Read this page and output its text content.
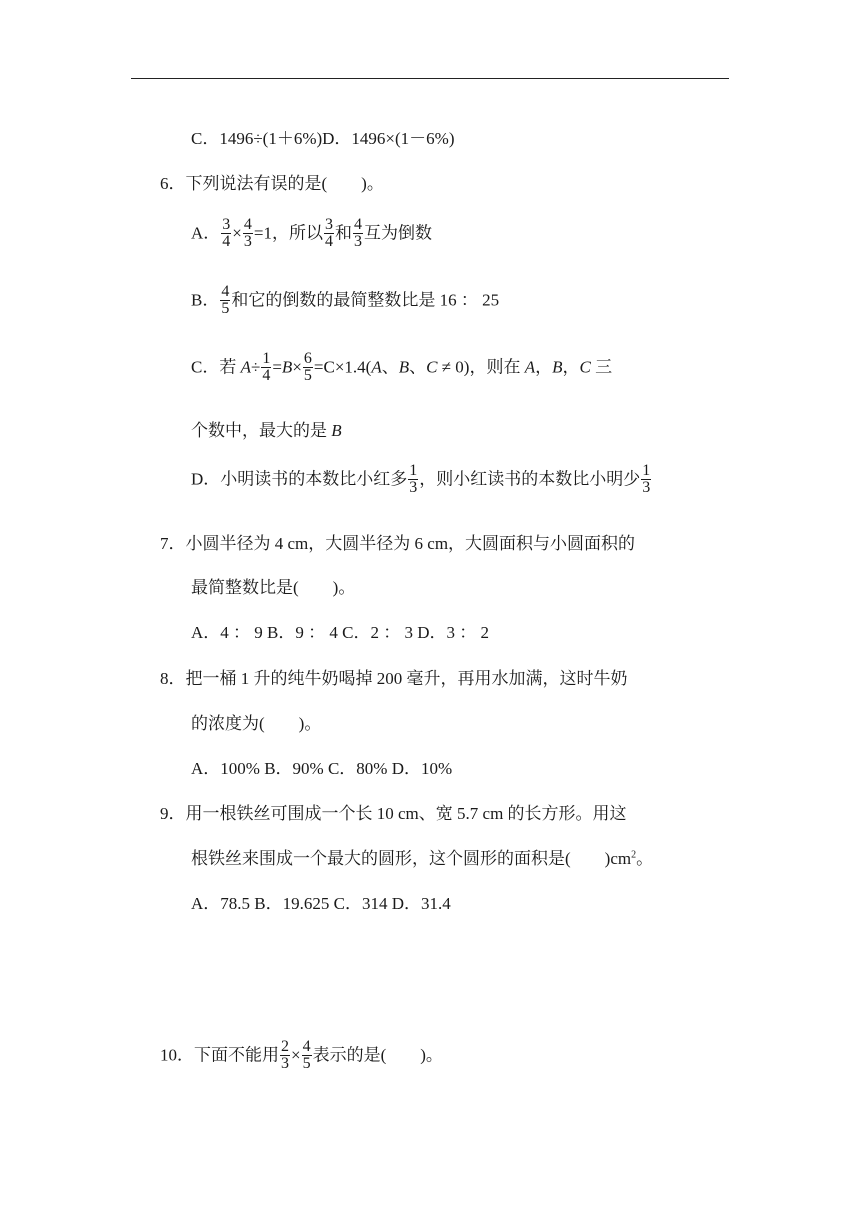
C．1496÷(1＋6%)D．1496×(1－6%)
6．下列说法有误的是(　　)。
A． $\frac{3}{4} \times \frac{4}{3} =1$，所以 $\frac{3}{4}$ 和 $\frac{4}{3}$ 互为倒数
B． $\frac{4}{5}$ 和它的倒数的最简整数比是 16 ： 25
C．若 $A\div \frac{1}{4} =B\times \frac{6}{5} =C\times 1.4(A$、B、C ≠ 0)，则在 A，B，C 三
个数中，最大的是 B
D．小明读书的本数比小红多 $\frac{1}{3}$ ，则小红读书的本数比小明少 $\frac{1}{3}$
7．小圆半径为 4 cm，大圆半径为 6 cm，大圆面积与小圆面积的
最简整数比是(　　)。
A．4 ： 9 B．9 ： 4 C．2 ： 3 D．3 ： 2
8．把一桶 1 升的纯牛奶喝掉 200 毫升，再用水加满，这时牛奶
的浓度为(　　)。
A．100% B．90% C．80% D．10%
9．用一根铁丝可围成一个长 10 cm、宽 5.7 cm 的长方形。用这
根铁丝来围成一个最大的圆形，这个圆形的面积是(　　)$cm^2$。
A．78.5 B．19.625 C．314 D．31.4
10．下面不能用 $\frac{2}{3} \times \frac{4}{5}$ 表示的是(　　)。
